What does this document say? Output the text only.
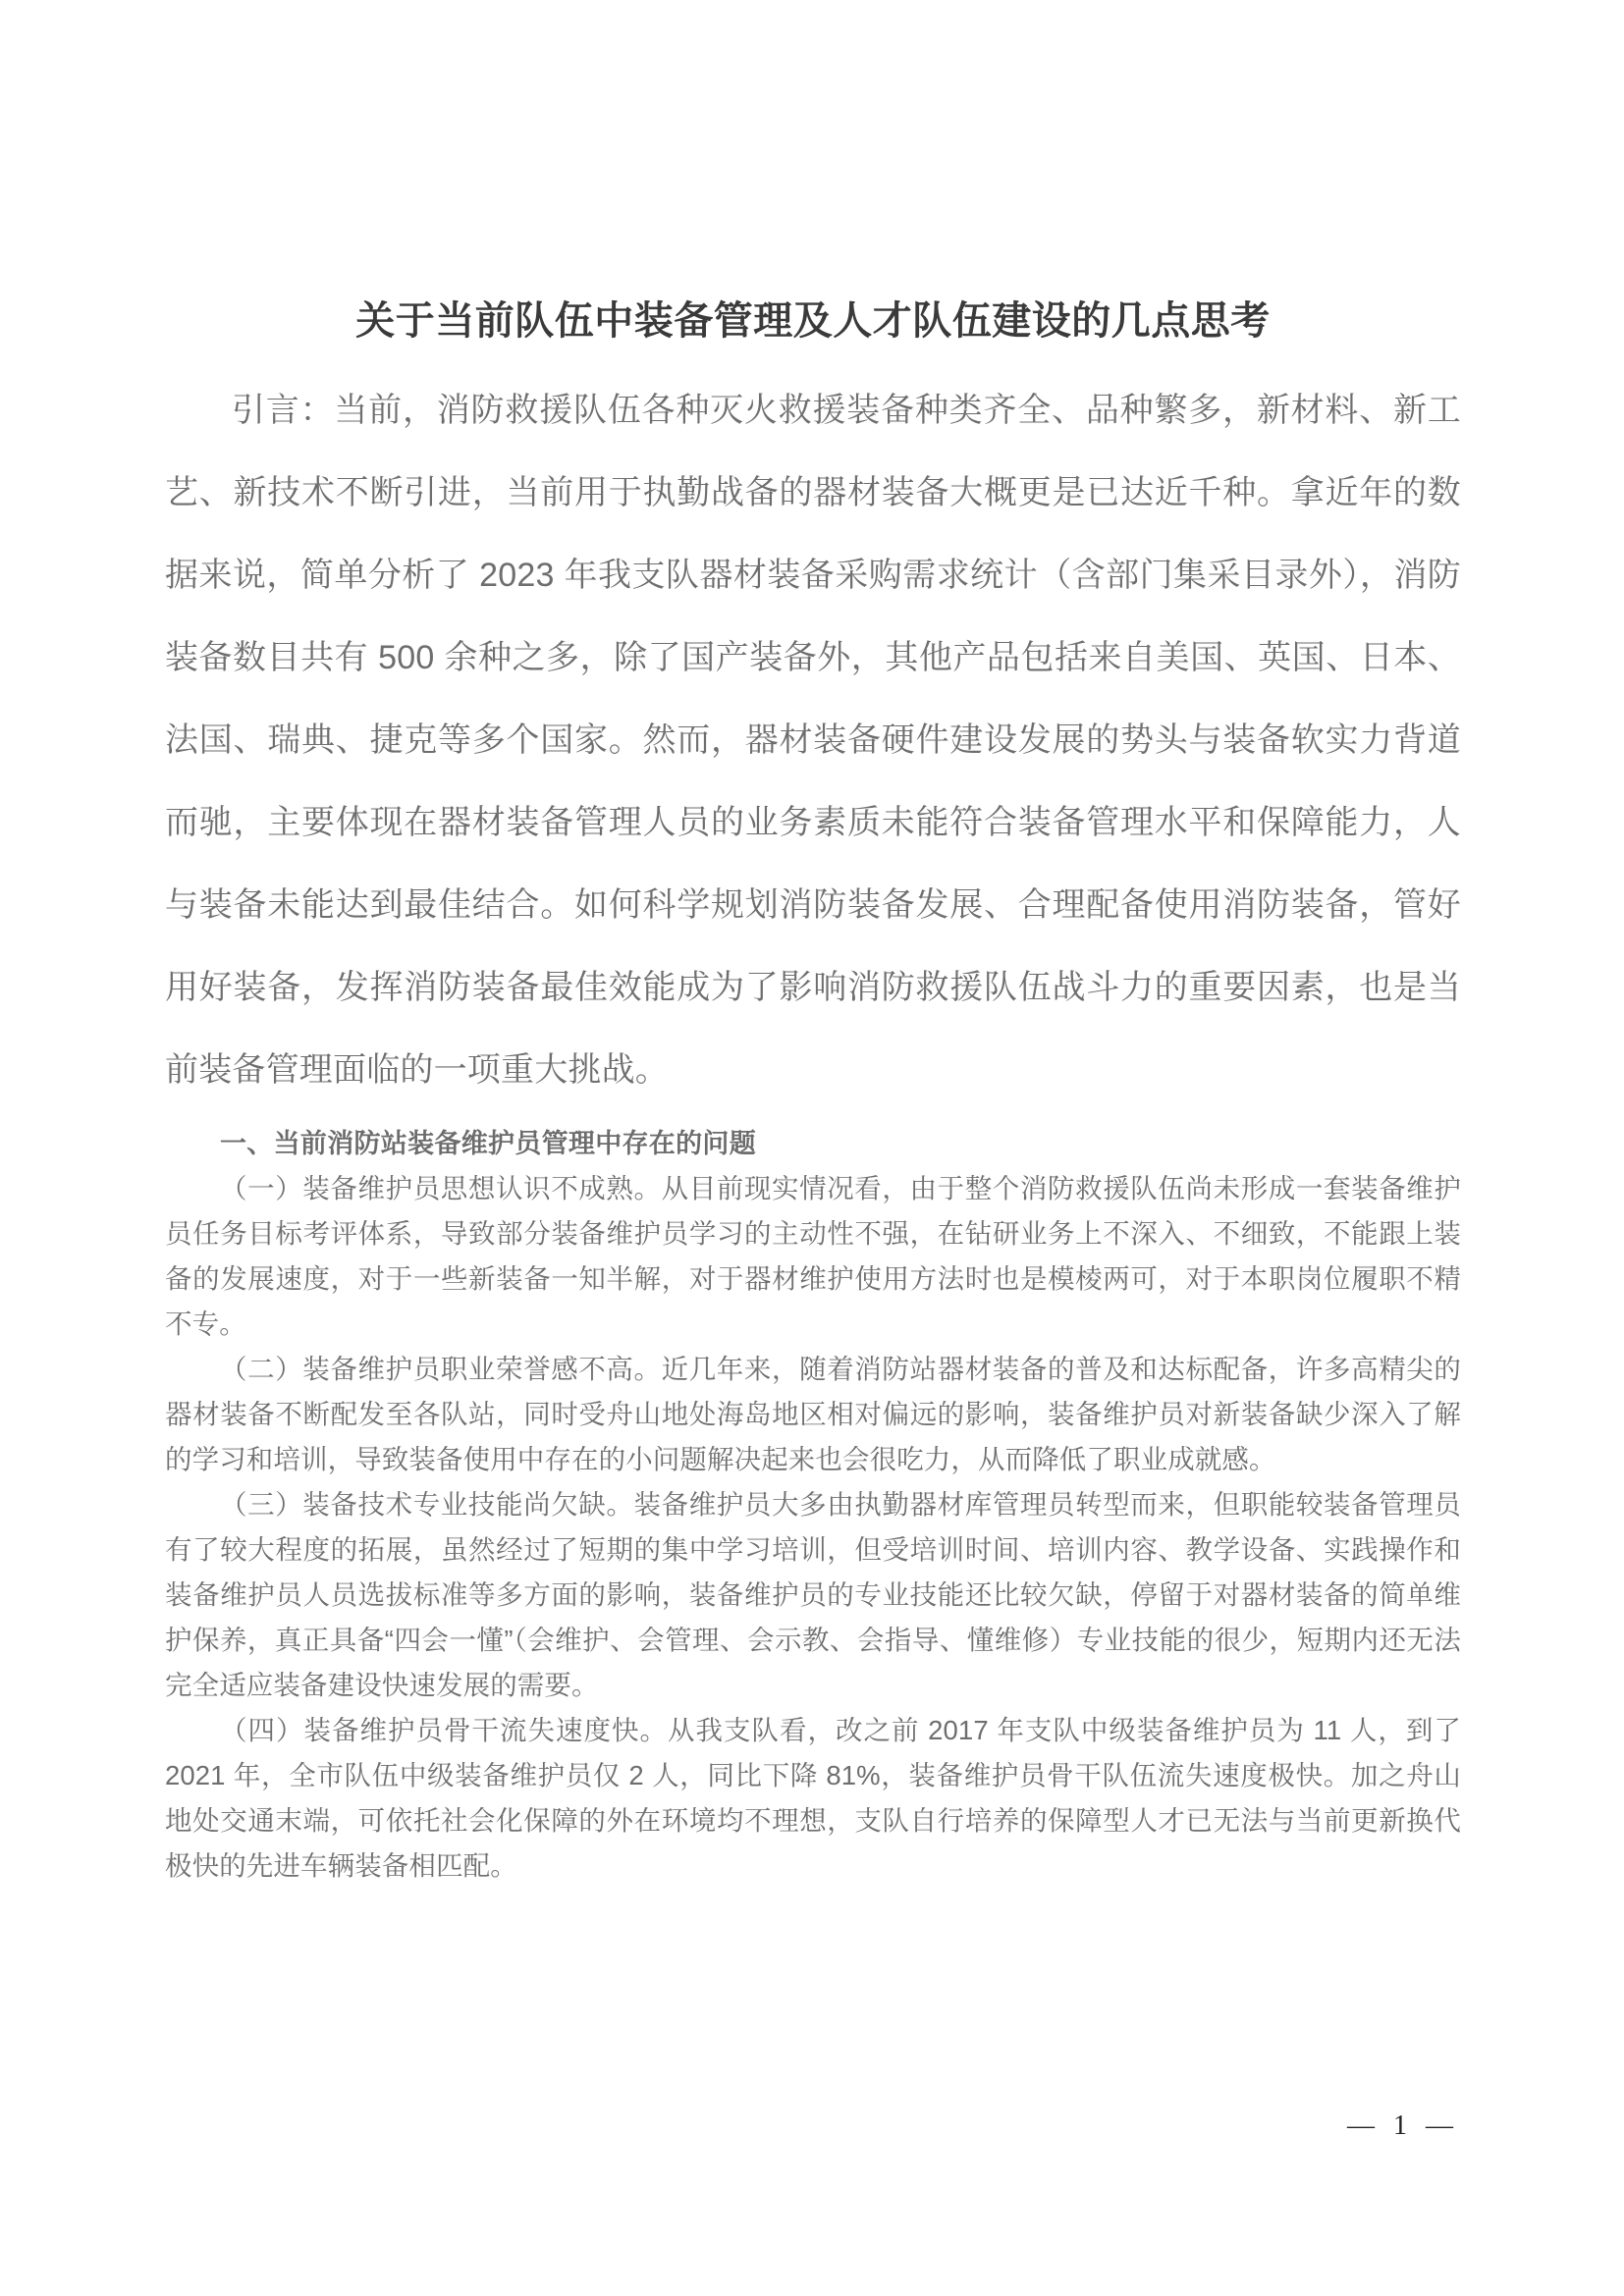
关于当前队伍中装备管理及人才队伍建设的几点思考

引言：当前，消防救援队伍各种灭火救援装备种类齐全、品种繁多，新材料、新工艺、新技术不断引进，当前用于执勤战备的器材装备大概更是已达近千种。拿近年的数据来说，简单分析了 2023 年我支队器材装备采购需求统计（含部门集采目录外），消防装备数目共有 500 余种之多，除了国产装备外，其他产品包括来自美国、英国、日本、法国、瑞典、捷克等多个国家。然而，器材装备硬件建设发展的势头与装备软实力背道而驰，主要体现在器材装备管理人员的业务素质未能符合装备管理水平和保障能力，人与装备未能达到最佳结合。如何科学规划消防装备发展、合理配备使用消防装备，管好用好装备，发挥消防装备最佳效能成为了影响消防救援队伍战斗力的重要因素，也是当前装备管理面临的一项重大挑战。

一、当前消防站装备维护员管理中存在的问题

（一）装备维护员思想认识不成熟。从目前现实情况看，由于整个消防救援队伍尚未形成一套装备维护员任务目标考评体系，导致部分装备维护员学习的主动性不强，在钻研业务上不深入、不细致，不能跟上装备的发展速度，对于一些新装备一知半解，对于器材维护使用方法时也是模棱两可，对于本职岗位履职不精不专。

（二）装备维护员职业荣誉感不高。近几年来，随着消防站器材装备的普及和达标配备，许多高精尖的器材装备不断配发至各队站，同时受舟山地处海岛地区相对偏远的影响，装备维护员对新装备缺少深入了解的学习和培训，导致装备使用中存在的小问题解决起来也会很吃力，从而降低了职业成就感。

（三）装备技术专业技能尚欠缺。装备维护员大多由执勤器材库管理员转型而来，但职能较装备管理员有了较大程度的拓展，虽然经过了短期的集中学习培训，但受培训时间、培训内容、教学设备、实践操作和装备维护员人员选拔标准等多方面的影响，装备维护员的专业技能还比较欠缺，停留于对器材装备的简单维护保养，真正具备“四会一懂”（会维护、会管理、会示教、会指导、懂维修）专业技能的很少，短期内还无法完全适应装备建设快速发展的需要。

（四）装备维护员骨干流失速度快。从我支队看，改之前 2017 年支队中级装备维护员为 11 人，到了 2021 年，全市队伍中级装备维护员仅 2 人，同比下降 81%，装备维护员骨干队伍流失速度极快。加之舟山地处交通末端，可依托社会化保障的外在环境均不理想，支队自行培养的保障型人才已无法与当前更新换代极快的先进车辆装备相匹配。

— 1 —
